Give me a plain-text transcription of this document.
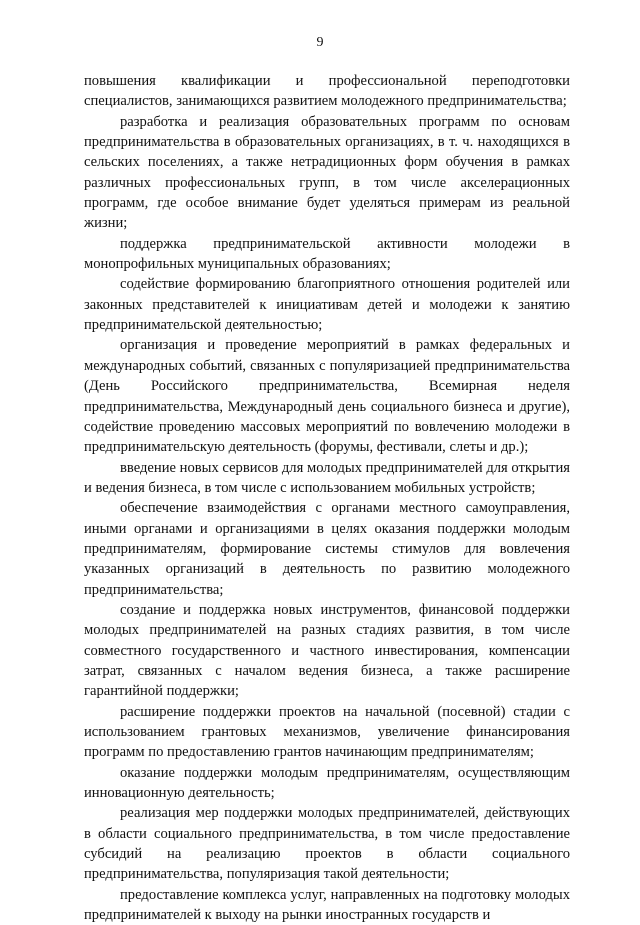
9

повышения квалификации и профессиональной переподготовки специалистов, занимающихся развитием молодежного предпринимательства;

разработка и реализация образовательных программ по основам предпринимательства в образовательных организациях, в т. ч. находящихся в сельских поселениях, а также нетрадиционных форм обучения в рамках различных профессиональных групп, в том числе акселерационных программ, где особое внимание будет уделяться примерам из реальной жизни;

поддержка предпринимательской активности молодежи в монопрофильных муниципальных образованиях;

содействие формированию благоприятного отношения родителей или законных представителей к инициативам детей и молодежи к занятию предпринимательской деятельностью;

организация и проведение мероприятий в рамках федеральных и международных событий, связанных с популяризацией предпринимательства (День Российского предпринимательства, Всемирная неделя предпринимательства, Международный день социального бизнеса и другие), содействие проведению массовых мероприятий по вовлечению молодежи в предпринимательскую деятельность (форумы, фестивали, слеты и др.);

введение новых сервисов для молодых предпринимателей для открытия и ведения бизнеса, в том числе с использованием мобильных устройств;

обеспечение взаимодействия с органами местного самоуправления, иными органами и организациями в целях оказания поддержки молодым предпринимателям, формирование системы стимулов для вовлечения указанных организаций в деятельность по развитию молодежного предпринимательства;

создание и поддержка новых инструментов, финансовой поддержки молодых предпринимателей на разных стадиях развития, в том числе совместного государственного и частного инвестирования, компенсации затрат, связанных с началом ведения бизнеса, а также расширение гарантийной поддержки;

расширение поддержки проектов на начальной (посевной) стадии с использованием грантовых механизмов, увеличение финансирования программ по предоставлению грантов начинающим предпринимателям;

оказание поддержки молодым предпринимателям, осуществляющим инновационную деятельность;

реализация мер поддержки молодых предпринимателей, действующих в области социального предпринимательства, в том числе предоставление субсидий на реализацию проектов в области социального предпринимательства, популяризация такой деятельности;

предоставление комплекса услуг, направленных на подготовку молодых предпринимателей к выходу на рынки иностранных государств и
